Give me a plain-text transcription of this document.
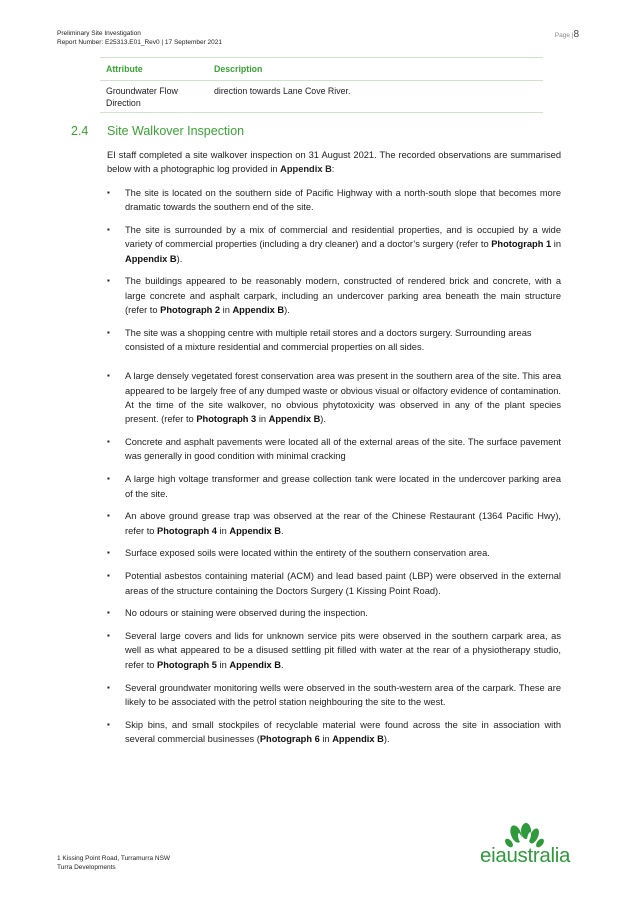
Preliminary Site Investigation
Report Number: E25313.E01_Rev0 | 17 September 2021
Page |8
Attribute	Description
Groundwater Flow Direction	direction towards Lane Cove River.
2.4 Site Walkover Inspection

EI staff completed a site walkover inspection on 31 August 2021. The recorded observations are summarised below with a photographic log provided in Appendix B:

▪ The site is located on the southern side of Pacific Highway with a north-south slope that becomes more dramatic towards the southern end of the site.
▪ The site is surrounded by a mix of commercial and residential properties, and is occupied by a wide variety of commercial properties (including a dry cleaner) and a doctor’s surgery (refer to Photograph 1 in Appendix B).
▪ The buildings appeared to be reasonably modern, constructed of rendered brick and concrete, with a large concrete and asphalt carpark, including an undercover parking area beneath the main structure (refer to Photograph 2 in Appendix B).
▪ The site was a shopping centre with multiple retail stores and a doctors surgery. Surrounding areas consisted of a mixture residential and commercial properties on all sides.
▪ A large densely vegetated forest conservation area was present in the southern area of the site. This area appeared to be largely free of any dumped waste or obvious visual or olfactory evidence of contamination. At the time of the site walkover, no obvious phytotoxicity was observed in any of the plant species present. (refer to Photograph 3 in Appendix B).
▪ Concrete and asphalt pavements were located all of the external areas of the site. The surface pavement was generally in good condition with minimal cracking
▪ A large high voltage transformer and grease collection tank were located in the undercover parking area of the site.
▪ An above ground grease trap was observed at the rear of the Chinese Restaurant (1364 Pacific Hwy), refer to Photograph 4 in Appendix B.
▪ Surface exposed soils were located within the entirety of the southern conservation area.
▪ Potential asbestos containing material (ACM) and lead based paint (LBP) were observed in the external areas of the structure containing the Doctors Surgery (1 Kissing Point Road).
▪ No odours or staining were observed during the inspection.
▪ Several large covers and lids for unknown service pits were observed in the southern carpark area, as well as what appeared to be a disused settling pit filled with water at the rear of a physiotherapy studio, refer to Photograph 5 in Appendix B.
▪ Several groundwater monitoring wells were observed in the south-western area of the carpark. These are likely to be associated with the petrol station neighbouring the site to the west.
▪ Skip bins, and small stockpiles of recyclable material were found across the site in association with several commercial businesses (Photograph 6 in Appendix B).
1 Kissing Point Road, Turramurra NSW
Turra Developments	eiaustralia
